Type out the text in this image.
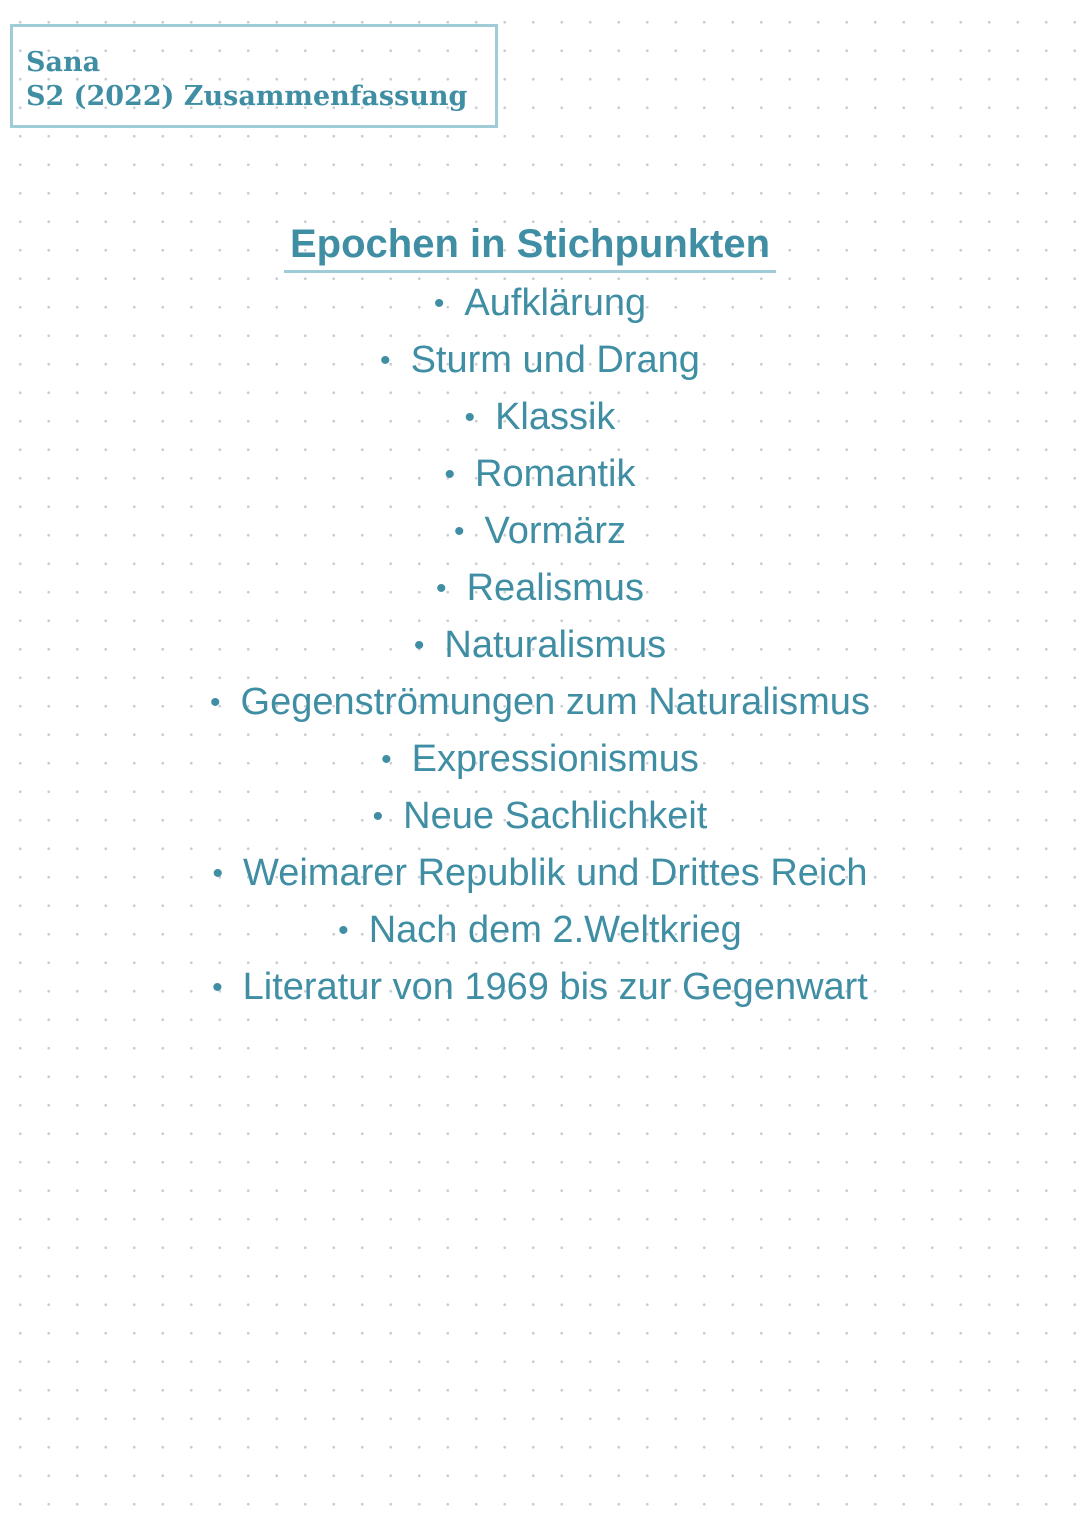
Sana
S2 (2022) Zusammenfassung
Epochen in Stichpunkten
• Aufklärung
• Sturm und Drang
• Klassik
• Romantik
• Vormärz
• Realismus
• Naturalismus
• Gegenströmungen zum Naturalismus
• Expressionismus
• Neue Sachlichkeit
• Weimarer Republik und Drittes Reich
• Nach dem 2.Weltkrieg
• Literatur von 1969 bis zur Gegenwart
